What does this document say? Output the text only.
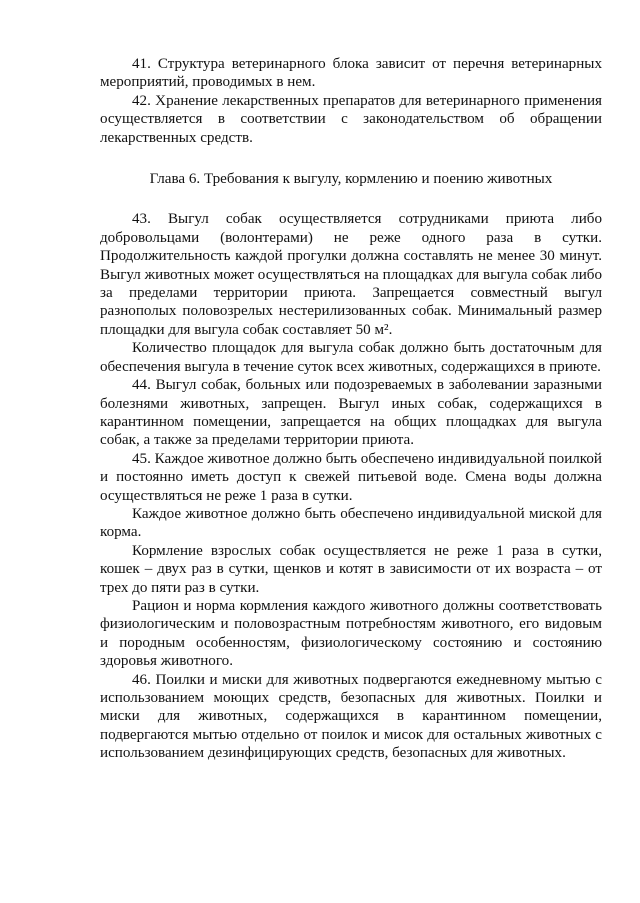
41. Структура ветеринарного блока зависит от перечня ветеринарных мероприятий, проводимых в нем.

42. Хранение лекарственных препаратов для ветеринарного применения осуществляется в соответствии с законодательством об обращении лекарственных средств.

Глава 6. Требования к выгулу, кормлению и поению животных

43. Выгул собак осуществляется сотрудниками приюта либо добровольцами (волонтерами) не реже одного раза в сутки. Продолжительность каждой прогулки должна составлять не менее 30 минут. Выгул животных может осуществляться на площадках для выгула собак либо за пределами территории приюта. Запрещается совместный выгул разнополых половозрелых нестерилизованных собак. Минимальный размер площадки для выгула собак составляет 50 м².

Количество площадок для выгула собак должно быть достаточным для обеспечения выгула в течение суток всех животных, содержащихся в приюте.

44. Выгул собак, больных или подозреваемых в заболевании заразными болезнями животных, запрещен. Выгул иных собак, содержащихся в карантинном помещении, запрещается на общих площадках для выгула собак, а также за пределами территории приюта.

45. Каждое животное должно быть обеспечено индивидуальной поилкой и постоянно иметь доступ к свежей питьевой воде. Смена воды должна осуществляться не реже 1 раза в сутки.

Каждое животное должно быть обеспечено индивидуальной миской для корма.

Кормление взрослых собак осуществляется не реже 1 раза в сутки, кошек – двух раз в сутки, щенков и котят в зависимости от их возраста – от трех до пяти раз в сутки.

Рацион и норма кормления каждого животного должны соответствовать физиологическим и половозрастным потребностям животного, его видовым и породным особенностям, физиологическому состоянию и состоянию здоровья животного.

46. Поилки и миски для животных подвергаются ежедневному мытью с использованием моющих средств, безопасных для животных. Поилки и миски для животных, содержащихся в карантинном помещении, подвергаются мытью отдельно от поилок и мисок для остальных животных с использованием дезинфицирующих средств, безопасных для животных.
